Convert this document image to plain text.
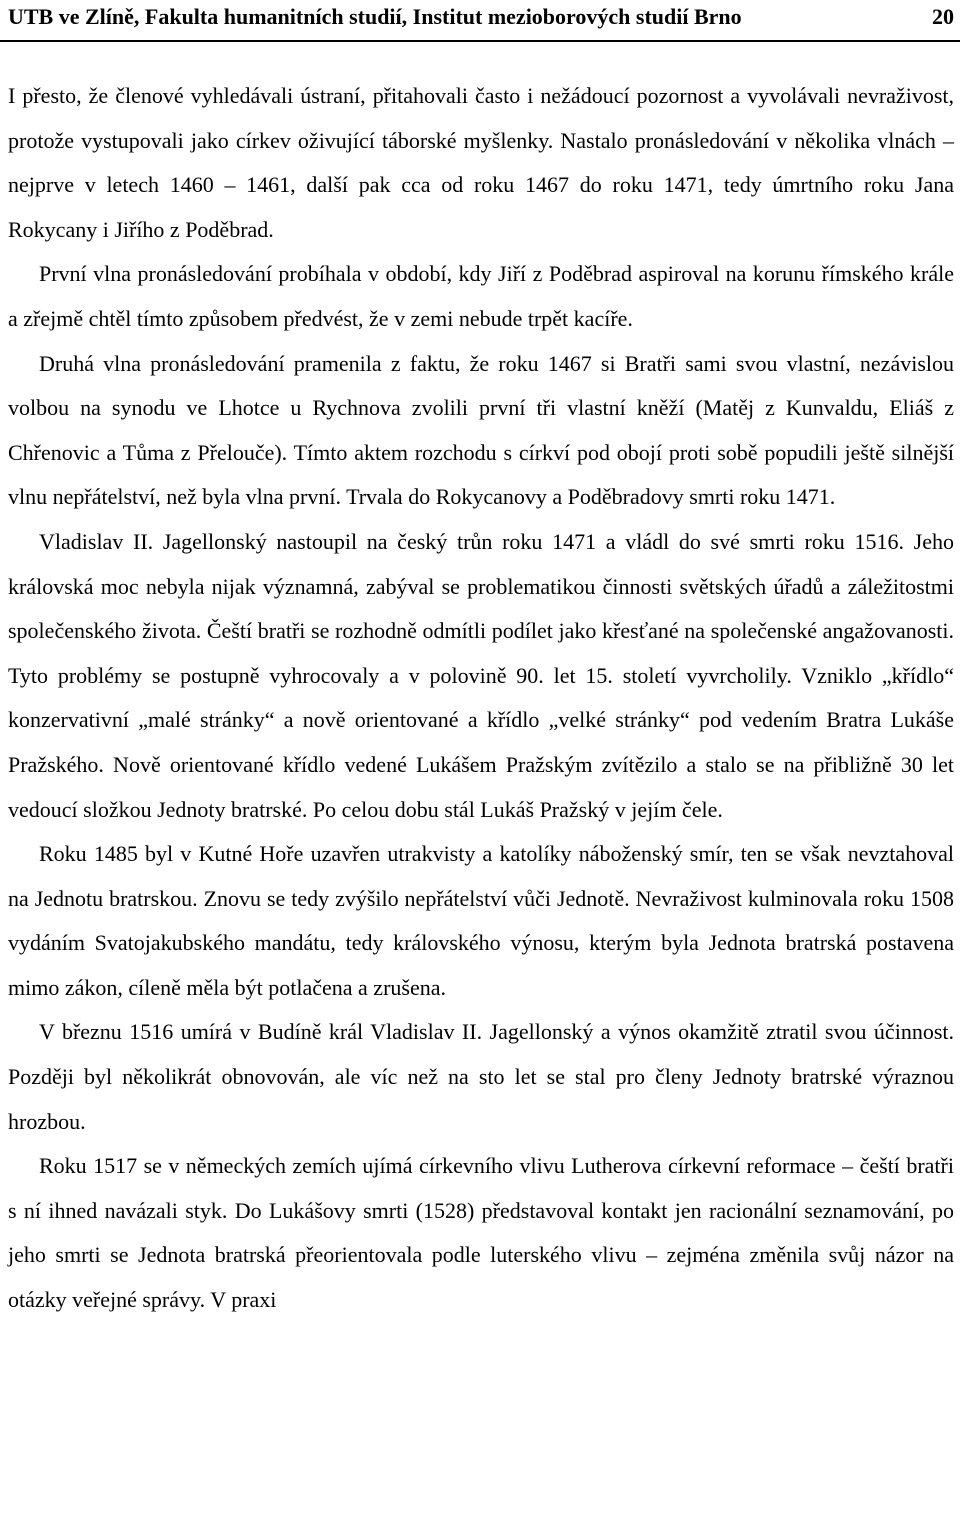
UTB ve Zlíně, Fakulta humanitních studií, Institut mezioborových studií Brno	20

I přesto, že členové vyhledávali ústraní, přitahovali často i nežádoucí pozornost a vyvolávali nevraživost, protože vystupovali jako církev oživující táborské myšlenky. Nastalo pronásledování v několika vlnách – nejprve v letech 1460 – 1461, další pak cca od roku 1467 do roku 1471, tedy úmrtního roku Jana Rokycany i Jiřího z Poděbrad.

První vlna pronásledování probíhala v období, kdy Jiří z Poděbrad aspiroval na korunu římského krále a zřejmě chtěl tímto způsobem předvést, že v zemi nebude trpět kacíře.

Druhá vlna pronásledování pramenila z faktu, že roku 1467 si Bratři sami svou vlastní, nezávislou volbou na synodu ve Lhotce u Rychnova zvolili první tři vlastní kněží (Matěj z Kunvaldu, Eliáš z Chřenovic a Tůma z Přelouče). Tímto aktem rozchodu s církví pod obojí proti sobě popudili ještě silnější vlnu nepřátelství, než byla vlna první. Trvala do Rokycanovy a Poděbradovy smrti roku 1471.

Vladislav II. Jagellonský nastoupil na český trůn roku 1471 a vládl do své smrti roku 1516. Jeho královská moc nebyla nijak významná, zabýval se problematikou činnosti světských úřadů a záležitostmi společenského života. Čeští bratři se rozhodně odmítli podílet jako křesťané na společenské angažovanosti. Tyto problémy se postupně vyhrocovaly a v polovině 90. let 15. století vyvrcholily. Vzniklo „křídlo“ konzervativní „malé stránky“ a nově orientované a křídlo „velké stránky“ pod vedením Bratra Lukáše Pražského. Nově orientované křídlo vedené Lukášem Pražským zvítězilo a stalo se na přibližně 30 let vedoucí složkou Jednoty bratrské. Po celou dobu stál Lukáš Pražský v jejím čele.

Roku 1485 byl v Kutné Hoře uzavřen utrakvisty a katolíky náboženský smír, ten se však nevztahoval na Jednotu bratrskou. Znovu se tedy zvýšilo nepřátelství vůči Jednotě. Nevraživost kulminovala roku 1508 vydáním Svatojakubského mandátu, tedy královského výnosu, kterým byla Jednota bratrská postavena mimo zákon, cíleně měla být potlačena a zrušena.

V březnu 1516 umírá v Budíně král Vladislav II. Jagellonský a výnos okamžitě ztratil svou účinnost. Později byl několikrát obnovován, ale víc než na sto let se stal pro členy Jednoty bratrské výraznou hrozbou.

Roku 1517 se v německých zemích ujímá církevního vlivu Lutherova církevní reformace – čeští bratři s ní ihned navázali styk. Do Lukášovy smrti (1528) představoval kontakt jen racionální seznamování, po jeho smrti se Jednota bratrská přeorientovala podle luterského vlivu – zejména změnila svůj názor na otázky veřejné správy. V praxi
